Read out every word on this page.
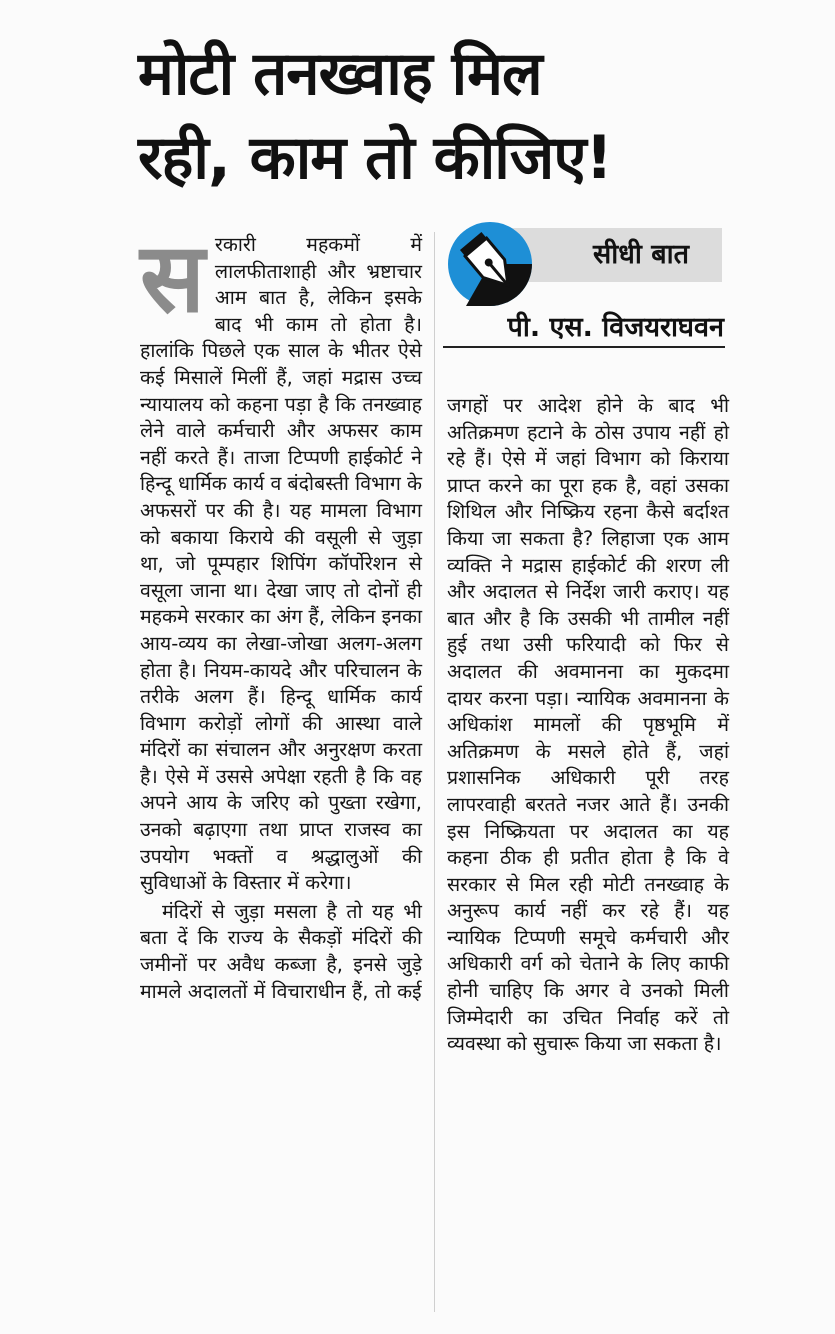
मोटी तनख्वाह मिल
रही, काम तो कीजिए!
सीधी बात
पी. एस. विजयराघवन
स रकारी महकमों में लालफीताशाही और भ्रष्टाचार आम बात है, लेकिन इसके बाद भी काम तो होता है। हालांकि पिछले एक साल के भीतर ऐसे कई मिसालें मिलीं हैं, जहां मद्रास उच्च न्यायालय को कहना पड़ा है कि तनख्वाह लेने वाले कर्मचारी और अफसर काम नहीं करते हैं। ताजा टिप्पणी हाईकोर्ट ने हिन्दू धार्मिक कार्य व बंदोबस्ती विभाग के अफसरों पर की है। यह मामला विभाग को बकाया किराये की वसूली से जुड़ा था, जो पूम्पहार शिपिंग कॉर्पोरेशन से वसूला जाना था। देखा जाए तो दोनों ही महकमे सरकार का अंग हैं, लेकिन इनका आय-व्यय का लेखा-जोखा अलग-अलग होता है। नियम-कायदे और परिचालन के तरीके अलग हैं। हिन्दू धार्मिक कार्य विभाग करोड़ों लोगों की आस्था वाले मंदिरों का संचालन और अनुरक्षण करता है। ऐसे में उससे अपेक्षा रहती है कि वह अपने आय के जरिए को पुख्ता रखेगा, उनको बढ़ाएगा तथा प्राप्त राजस्व का उपयोग भक्तों व श्रद्धालुओं की सुविधाओं के विस्तार में करेगा।

मंदिरों से जुड़ा मसला है तो यह भी बता दें कि राज्य के सैकड़ों मंदिरों की जमीनों पर अवैध कब्जा है, इनसे जुड़े मामले अदालतों में विचाराधीन हैं, तो कई

जगहों पर आदेश होने के बाद भी अतिक्रमण हटाने के ठोस उपाय नहीं हो रहे हैं। ऐसे में जहां विभाग को किराया प्राप्त करने का पूरा हक है, वहां उसका शिथिल और निष्क्रिय रहना कैसे बर्दाश्त किया जा सकता है? लिहाजा एक आम व्यक्ति ने मद्रास हाईकोर्ट की शरण ली और अदालत से निर्देश जारी कराए। यह बात और है कि उसकी भी तामील नहीं हुई तथा उसी फरियादी को फिर से अदालत की अवमानना का मुकदमा दायर करना पड़ा। न्यायिक अवमानना के अधिकांश मामलों की पृष्ठभूमि में अतिक्रमण के मसले होते हैं, जहां प्रशासनिक अधिकारी पूरी तरह लापरवाही बरतते नजर आते हैं। उनकी इस निष्क्रियता पर अदालत का यह कहना ठीक ही प्रतीत होता है कि वे सरकार से मिल रही मोटी तनख्वाह के अनुरूप कार्य नहीं कर रहे हैं। यह न्यायिक टिप्पणी समूचे कर्मचारी और अधिकारी वर्ग को चेताने के लिए काफी होनी चाहिए कि अगर वे उनको मिली जिम्मेदारी का उचित निर्वाह करें तो व्यवस्था को सुचारू किया जा सकता है।
